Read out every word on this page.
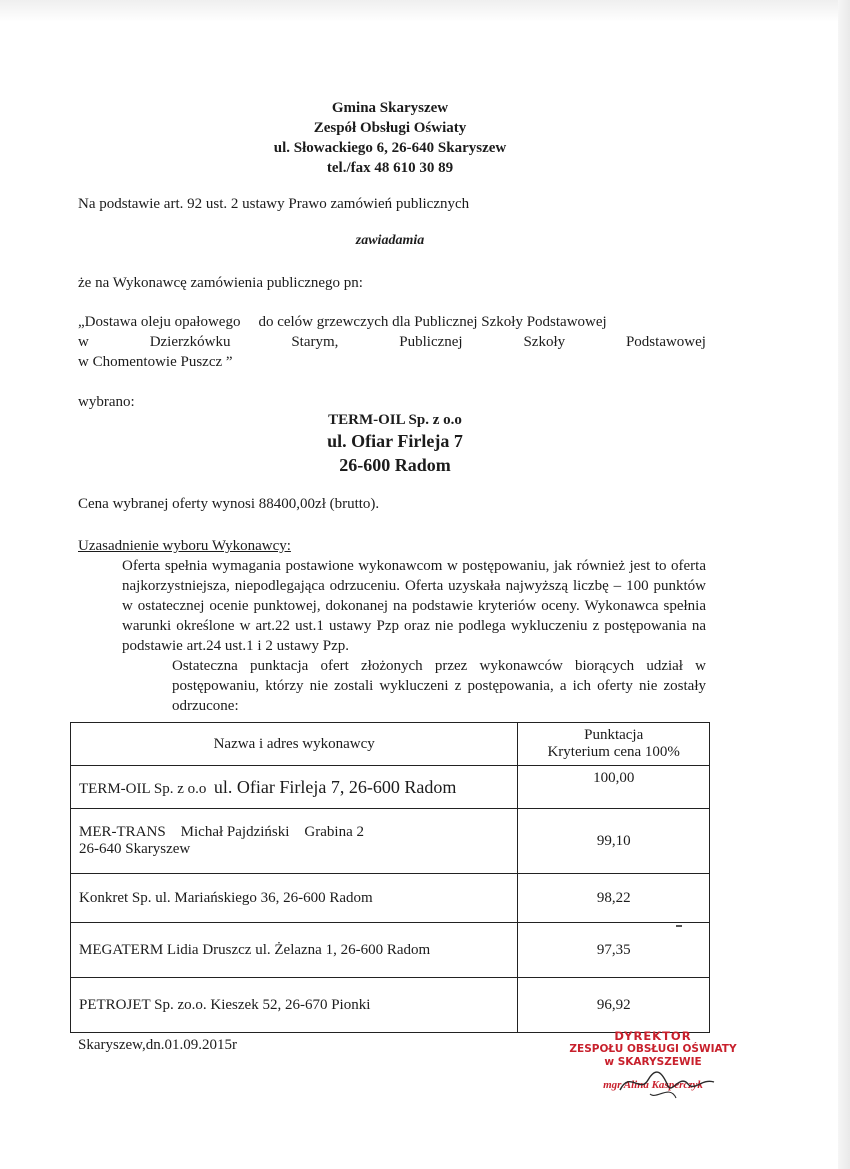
Gmina Skaryszew
Zespół Obsługi Oświaty
ul. Słowackiego 6, 26-640 Skaryszew
tel./fax 48 610 30 89

Na podstawie art. 92 ust. 2 ustawy Prawo zamówień publicznych

zawiadamia

że na Wykonawcę zamówienia publicznego pn:

„Dostawa oleju opałowego do celów grzewczych dla Publicznej Szkoły Podstawowej
w	Dzierzkówku	Starym,	Publicznej	Szkoły	Podstawowej
w Chomentowie Puszcz ”

wybrano:

TERM-OIL Sp. z o.o
ul. Ofiar Firleja 7
26-600 Radom

Cena wybranej oferty wynosi 88400,00zł (brutto).

Uzasadnienie wyboru Wykonawcy:
Oferta spełnia wymagania postawione wykonawcom w postępowaniu, jak również jest to oferta najkorzystniejsza, niepodlegająca odrzuceniu. Oferta uzyskała najwyższą liczbę – 100 punktów w ostatecznej ocenie punktowej, dokonanej na podstawie kryteriów oceny. Wykonawca spełnia warunki określone w art.22 ust.1 ustawy Pzp oraz nie podlega wykluczeniu z postępowania na podstawie art.24 ust.1 i 2 ustawy Pzp.
Ostateczna punktacja ofert złożonych przez wykonawców biorących udział w postępowaniu, którzy nie zostali wykluczeni z postępowania, a ich oferty nie zostały odrzucone:
Nazwa i adres wykonawcy	Punktacja
Kryterium cena 100%

TERM-OIL Sp. z o.o ul. Ofiar Firleja 7, 26-600 Radom	100,00

MER-TRANS    Michał Pajdziński    Grabina 2
26-640 Skaryszew	99,10
Konkret Sp. ul. Mariańskiego 36, 26-600 Radom	98,22
MEGATERM Lidia Druszcz ul. Żelazna 1, 26-600 Radom	97,35
PETROJET Sp. zo.o. Kieszek 52, 26-670 Pionki	96,92
Skaryszew,dn.01.09.2015r
DYREKTOR
ZESPOŁU OBSŁUGI OŚWIATY
w SKARYSZEWIE
mgr Alina Kasperczyk
